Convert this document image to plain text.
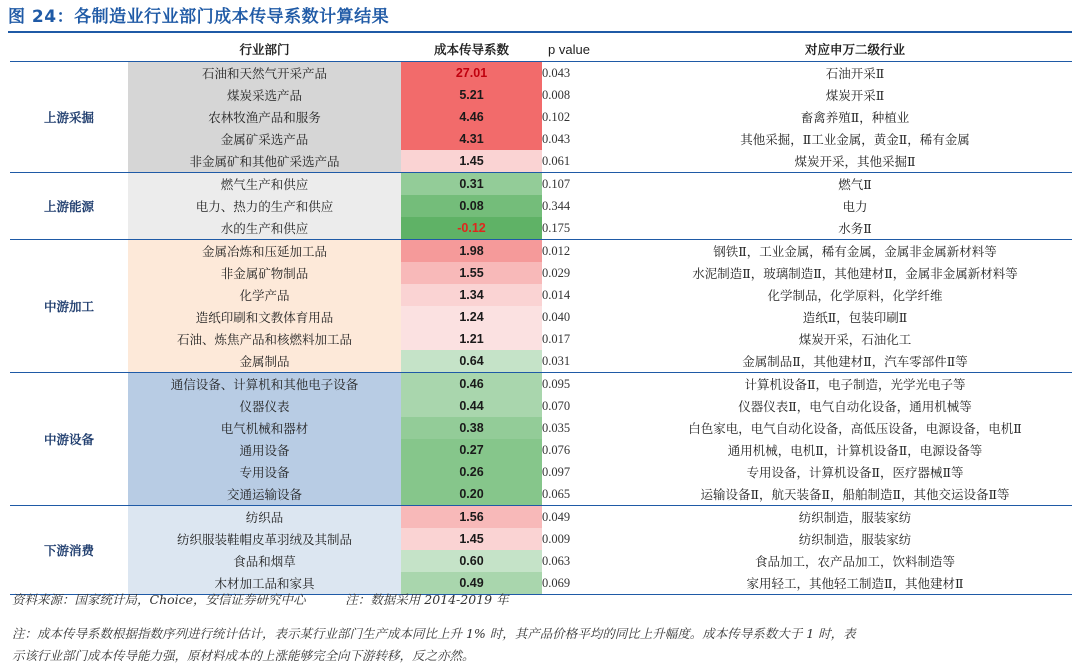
图 24：各制造业行业部门成本传导系数计算结果
	行业部门	成本传导系数	p value	对应申万二级行业
上游采掘	石油和天然气开采产品	27.01	0.043	石油开采Ⅱ
	煤炭采选产品	5.21	0.008	煤炭开采Ⅱ
	农林牧渔产品和服务	4.46	0.102	畜禽养殖Ⅱ，种植业
	金属矿采选产品	4.31	0.043	其他采掘，Ⅱ工业金属，黄金Ⅱ，稀有金属
	非金属矿和其他矿采选产品	1.45	0.061	煤炭开采，其他采掘Ⅱ
上游能源	燃气生产和供应	0.31	0.107	燃气Ⅱ
	电力、热力的生产和供应	0.08	0.344	电力
	水的生产和供应	-0.12	0.175	水务Ⅱ
中游加工	金属冶炼和压延加工品	1.98	0.012	钢铁Ⅱ，工业金属，稀有金属，金属非金属新材料等
	非金属矿物制品	1.55	0.029	水泥制造Ⅱ，玻璃制造Ⅱ，其他建材Ⅱ，金属非金属新材料等
	化学产品	1.34	0.014	化学制品，化学原料，化学纤维
	造纸印刷和文教体育用品	1.24	0.040	造纸Ⅱ，包装印刷Ⅱ
	石油、炼焦产品和核燃料加工品	1.21	0.017	煤炭开采，石油化工
	金属制品	0.64	0.031	金属制品Ⅱ，其他建材Ⅱ，汽车零部件Ⅱ等
中游设备	通信设备、计算机和其他电子设备	0.46	0.095	计算机设备Ⅱ，电子制造，光学光电子等
	仪器仪表	0.44	0.070	仪器仪表Ⅱ，电气自动化设备，通用机械等
	电气机械和器材	0.38	0.035	白色家电，电气自动化设备，高低压设备，电源设备，电机Ⅱ
	通用设备	0.27	0.076	通用机械，电机Ⅱ，计算机设备Ⅱ，电源设备等
	专用设备	0.26	0.097	专用设备，计算机设备Ⅱ，医疗器械Ⅱ等
	交通运输设备	0.20	0.065	运输设备Ⅱ，航天装备Ⅱ，船舶制造Ⅱ，其他交运设备Ⅱ等
下游消费	纺织品	1.56	0.049	纺织制造，服装家纺
	纺织服装鞋帽皮革羽绒及其制品	1.45	0.009	纺织制造，服装家纺
	食品和烟草	0.60	0.063	食品加工，农产品加工，饮料制造等
	木材加工品和家具	0.49	0.069	家用轻工，其他轻工制造Ⅱ，其他建材Ⅱ
资料来源：国家统计局，Choice，安信证券研究中心          注：数据采用 2014-2019 年
注：成本传导系数根据指数序列进行统计估计，表示某行业部门生产成本同比上升 1% 时，其产品价格平均的同比上升幅度。成本传导系数大于 1 时，表
示该行业部门成本传导能力强，原材料成本的上涨能够完全向下游转移，反之亦然。
